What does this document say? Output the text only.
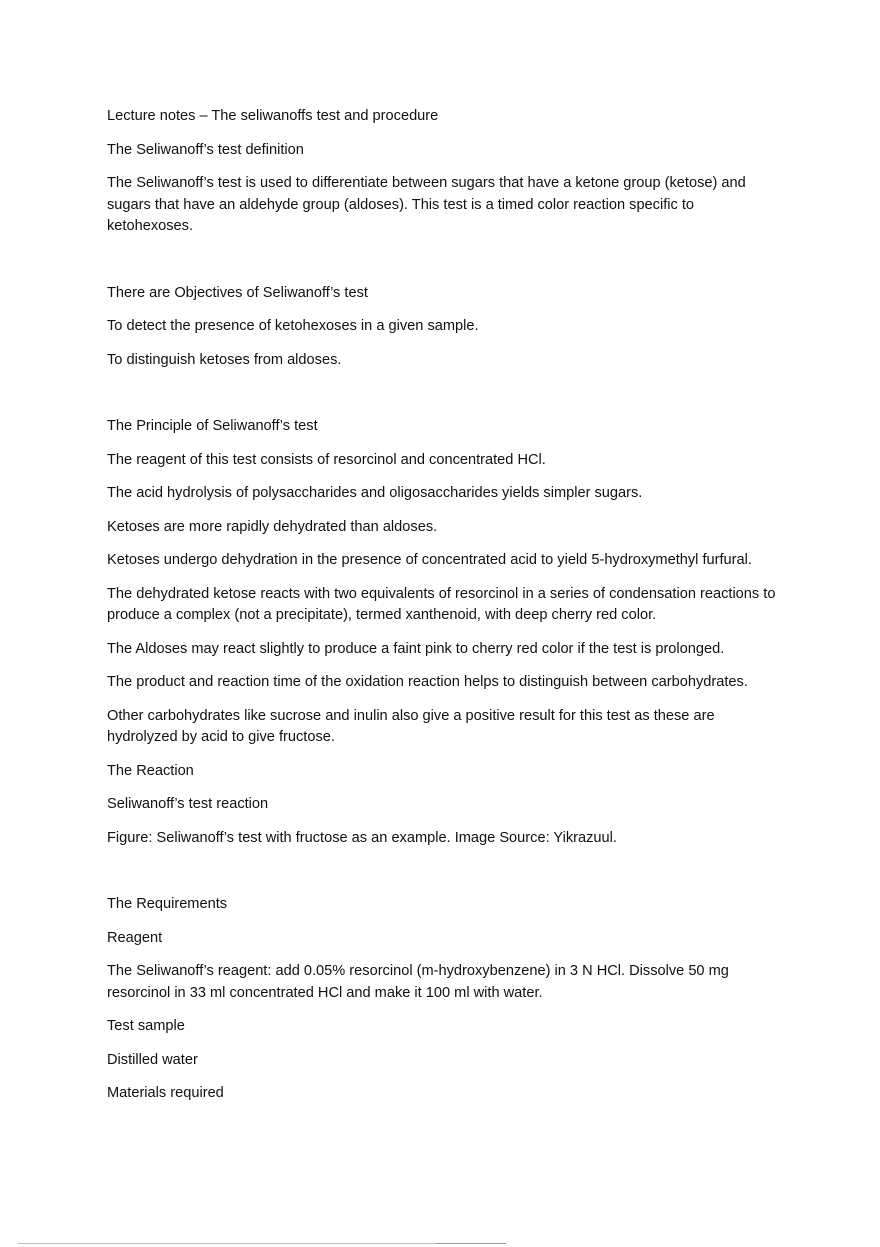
Lecture notes – The seliwanoffs test and procedure

The Seliwanoff’s test definition

The Seliwanoff’s test is used to differentiate between sugars that have a ketone group (ketose) and sugars that have an aldehyde group (aldoses). This test is a timed color reaction specific to ketohexoses.

There are Objectives of Seliwanoff’s test

To detect the presence of ketohexoses in a given sample.

To distinguish ketoses from aldoses.

The Principle of Seliwanoff’s test

The reagent of this test consists of resorcinol and concentrated HCl.

The acid hydrolysis of polysaccharides and oligosaccharides yields simpler sugars.

Ketoses are more rapidly dehydrated than aldoses.

Ketoses undergo dehydration in the presence of concentrated acid to yield 5-hydroxymethyl furfural.

The dehydrated ketose reacts with two equivalents of resorcinol in a series of condensation reactions to produce a complex (not a precipitate), termed xanthenoid, with deep cherry red color.

The Aldoses may react slightly to produce a faint pink to cherry red color if the test is prolonged.

The product and reaction time of the oxidation reaction helps to distinguish between carbohydrates.

Other carbohydrates like sucrose and inulin also give a positive result for this test as these are hydrolyzed by acid to give fructose.

The Reaction

Seliwanoff’s test reaction

Figure: Seliwanoff’s test with fructose as an example. Image Source: Yikrazuul.

The Requirements

Reagent

The Seliwanoff’s reagent: add 0.05% resorcinol (m-hydroxybenzene) in 3 N HCl. Dissolve 50 mg resorcinol in 33 ml concentrated HCl and make it 100 ml with water.

Test sample

Distilled water

Materials required
